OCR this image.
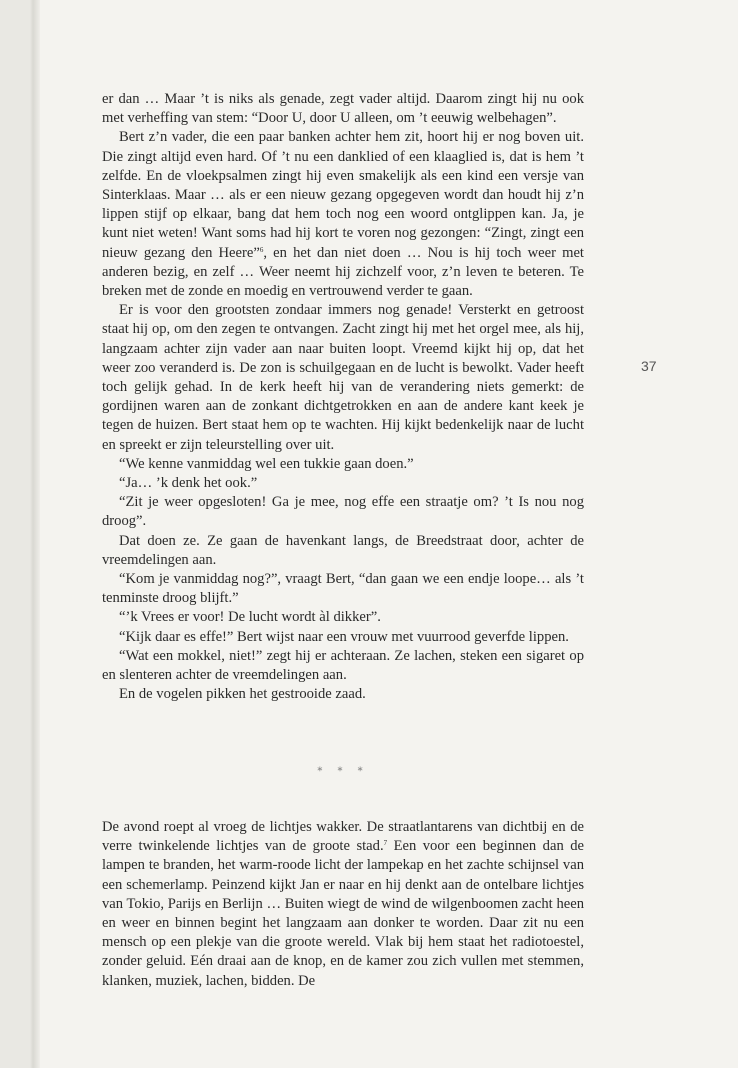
37

er dan … Maar ’t is niks als genade, zegt vader altijd. Daarom zingt hij nu ook met verheffing van stem: “Door U, door U alleen, om ’t eeuwig welbehagen”.

Bert z’n vader, die een paar banken achter hem zit, hoort hij er nog boven uit. Die zingt altijd even hard. Of ’t nu een danklied of een klaaglied is, dat is hem ’t zelfde. En de vloekpsalmen zingt hij even smakelijk als een kind een versje van Sinterklaas. Maar … als er een nieuw gezang opgegeven wordt dan houdt hij z’n lippen stijf op elkaar, bang dat hem toch nog een woord ontglippen kan. Ja, je kunt niet weten! Want soms had hij kort te voren nog gezongen: “Zingt, zingt een nieuw gezang den Heere”$^6$, en het dan niet doen … Nou is hij toch weer met anderen bezig, en zelf … Weer neemt hij zichzelf voor, z’n leven te beteren. Te breken met de zonde en moedig en vertrouwend verder te gaan.

Er is voor den grootsten zondaar immers nog genade! Versterkt en getroost staat hij op, om den zegen te ontvangen. Zacht zingt hij met het orgel mee, als hij, langzaam achter zijn vader aan naar buiten loopt. Vreemd kijkt hij op, dat het weer zoo veranderd is. De zon is schuilgegaan en de lucht is bewolkt. Vader heeft toch gelijk gehad. In de kerk heeft hij van de verandering niets gemerkt: de gordijnen waren aan de zonkant dichtgetrokken en aan de andere kant keek je tegen de huizen. Bert staat hem op te wachten. Hij kijkt bedenkelijk naar de lucht en spreekt er zijn teleurstelling over uit.

“We kenne vanmiddag wel een tukkie gaan doen.”

“Ja… ’k denk het ook.”

“Zit je weer opgesloten! Ga je mee, nog effe een straatje om? ’t Is nou nog droog”.

Dat doen ze. Ze gaan de havenkant langs, de Breedstraat door, achter de vreemdelingen aan.

“Kom je vanmiddag nog?”, vraagt Bert, “dan gaan we een endje loope… als ’t tenminste droog blijft.”

“’k Vrees er voor! De lucht wordt àl dikker”.

“Kijk daar es effe!” Bert wijst naar een vrouw met vuurrood geverfde lippen.

“Wat een mokkel, niet!” zegt hij er achteraan. Ze lachen, steken een sigaret op en slenteren achter de vreemdelingen aan.

En de vogelen pikken het gestrooide zaad.

* * *

De avond roept al vroeg de lichtjes wakker. De straatlantarens van dichtbij en de verre twinkelende lichtjes van de groote stad.$^7$ Een voor een beginnen dan de lampen te branden, het warm-roode licht der lampekap en het zachte schijnsel van een schemerlamp. Peinzend kijkt Jan er naar en hij denkt aan de ontelbare lichtjes van Tokio, Parijs en Berlijn … Buiten wiegt de wind de wilgenboomen zacht heen en weer en binnen begint het langzaam aan donker te worden. Daar zit nu een mensch op een plekje van die groote wereld. Vlak bij hem staat het radiotoestel, zonder geluid. Eén draai aan de knop, en de kamer zou zich vullen met stemmen, klanken, muziek, lachen, bidden. De
